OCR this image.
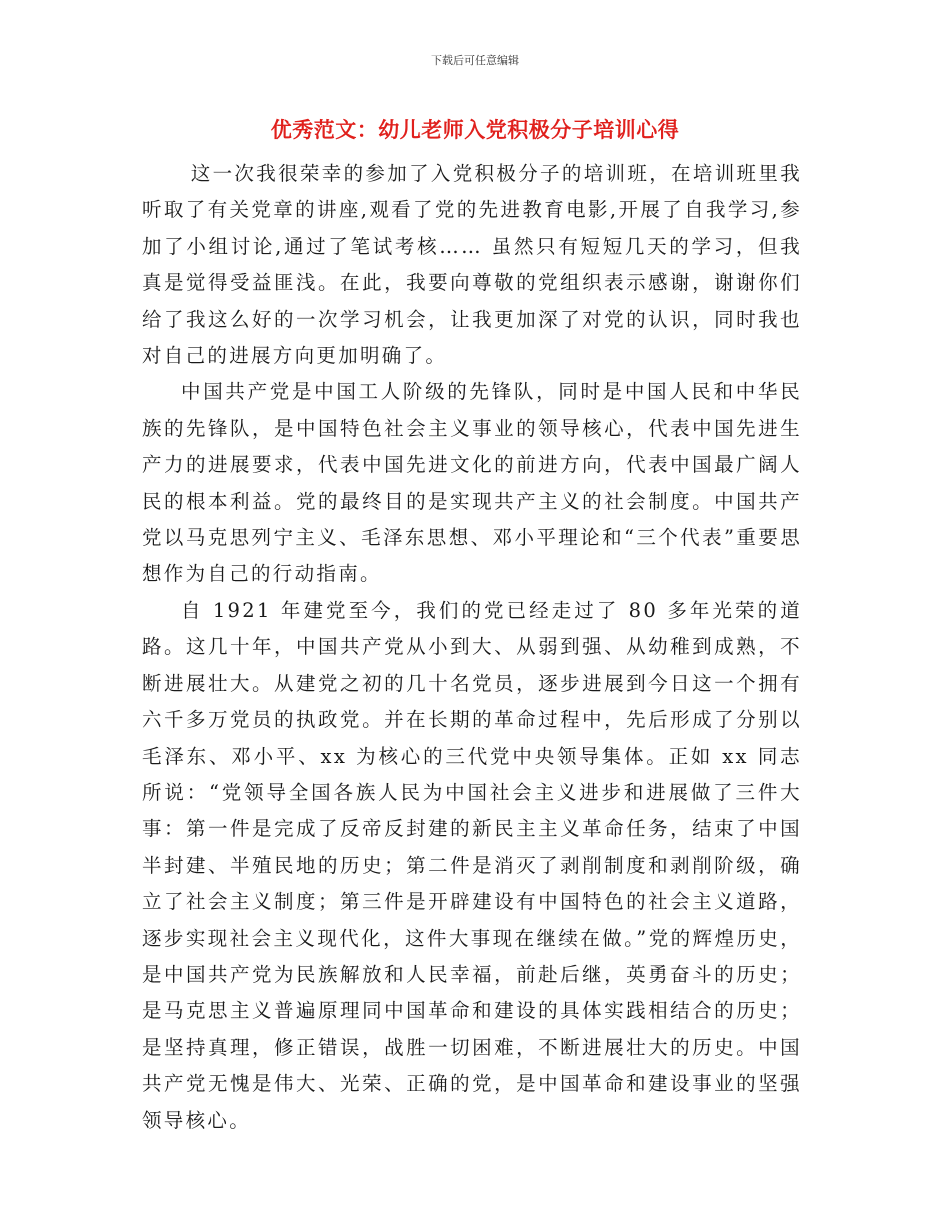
下载后可任意编辑
优秀范文：幼儿老师入党积极分子培训心得

这一次我很荣幸的参加了入党积极分子的培训班，在培训班里我听取了有关党章的讲座,观看了党的先进教育电影,开展了自我学习,参加了小组讨论,通过了笔试考核…… 虽然只有短短几天的学习，但我真是觉得受益匪浅。在此，我要向尊敬的党组织表示感谢，谢谢你们给了我这么好的一次学习机会，让我更加深了对党的认识，同时我也对自己的进展方向更加明确了。

中国共产党是中国工人阶级的先锋队，同时是中国人民和中华民族的先锋队，是中国特色社会主义事业的领导核心，代表中国先进生产力的进展要求，代表中国先进文化的前进方向，代表中国最广阔人民的根本利益。党的最终目的是实现共产主义的社会制度。中国共产党以马克思列宁主义、毛泽东思想、邓小平理论和“三个代表”重要思想作为自己的行动指南。

自 1921 年建党至今，我们的党已经走过了 80 多年光荣的道路。这几十年，中国共产党从小到大、从弱到强、从幼稚到成熟，不断进展壮大。从建党之初的几十名党员，逐步进展到今日这一个拥有六千多万党员的执政党。并在长期的革命过程中，先后形成了分别以毛泽东、邓小平、xx 为核心的三代党中央领导集体。正如 xx 同志所说：“党领导全国各族人民为中国社会主义进步和进展做了三件大事：第一件是完成了反帝反封建的新民主主义革命任务，结束了中国半封建、半殖民地的历史；第二件是消灭了剥削制度和剥削阶级，确立了社会主义制度；第三件是开辟建设有中国特色的社会主义道路，逐步实现社会主义现代化，这件大事现在继续在做。”党的辉煌历史，是中国共产党为民族解放和人民幸福，前赴后继，英勇奋斗的历史；是马克思主义普遍原理同中国革命和建设的具体实践相结合的历史；是坚持真理，修正错误，战胜一切困难，不断进展壮大的历史。中国共产党无愧是伟大、光荣、正确的党，是中国革命和建设事业的坚强领导核心。
